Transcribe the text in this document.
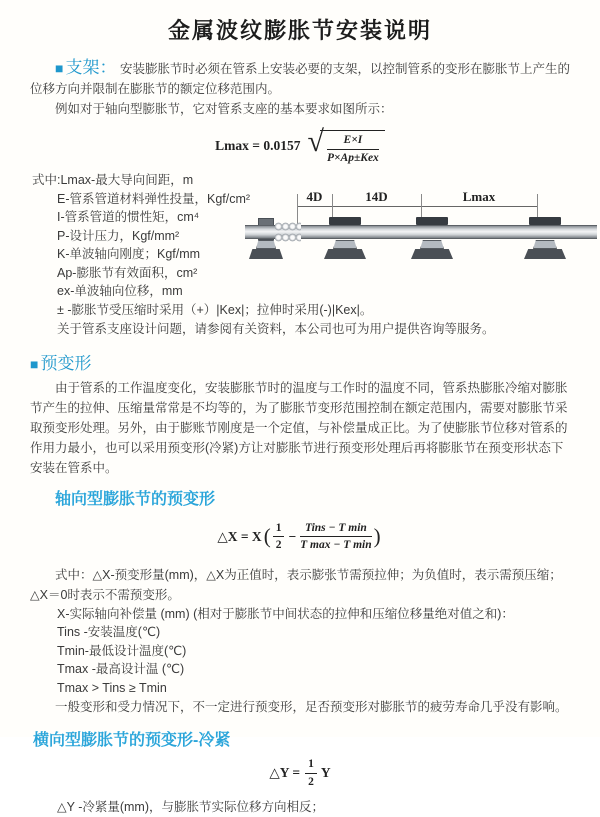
金属波纹膨胀节安装说明

■ 支架： 安装膨胀节时必须在管系上安装必要的支架，以控制管系的变形在膨胀节上产生的位移方向并限制在膨胀节的额定位移范围内。

例如对于轴向型膨胀节，它对管系支座的基本要求如图所示：

Lmax = 0.0157 √ $\frac{E\times I}{\text{P×Ap±Kex}}$

式中:Lmax-最大导向间距，m

E-管系管道材料弹性投量，Kgf/cm²

I-管系管道的惯性矩，cm⁴

P-设计压力，Kgf/mm²

K-单波轴向刚度；Kgf/mm

Ap-膨胀节有效面积，cm²

ex-单波轴向位移，mm

± -膨胀节受压缩时采用（+）|Kex|；拉伸时采用(-)|Kex|。

关于管系支座设计问题，请参阅有关资料，本公司也可为用户提供咨询等服务。

4D	14D	Lmax
■ 预变形

由于管系的工作温度变化，安装膨胀节时的温度与工作时的温度不同，管系热膨胀冷缩对膨胀节产生的拉伸、压缩量常常是不均等的，为了膨胀节变形范围控制在额定范围内，需要对膨胀节采取预变形处理。另外，由于膨账节刚度是一个定值，与补偿量成正比。为了使膨胀节位移对管系的作用力最小，也可以采用预变形(冷紧)方让对膨胀节进行预变形处理后再将膨胀节在预变形状态下安装在管系中。

轴向型膨胀节的预变形
△X = X ( $\frac{1}{2} - \frac{\text{Tins − T min}}{\text{T max − T min}}$ )

式中：△X-预变形量(mm)，△X为正值时，表示膨张节需预拉伸；为负值时，表示需预压缩；△X＝0时表示不需预变形。

X-实际轴向补偿量 (mm) (相对于膨胀节中间状态的拉伸和压缩位移量绝对值之和)：

Tins -安装温度(℃)

Tmin-最低设计温度(℃)

Tmax -最高设计温 (℃)

Tmax > Tins ≥ Tmin

一般变形和受力情况下，不一定进行预变形，足否预变形对膨胀节的疲劳寿命几乎没有影响。

横向型膨胀节的预变形-冷紧
△Y = $\frac{1}{2}$ Y

△Y -冷紧量(mm)，与膨胀节实际位移方向相反；
